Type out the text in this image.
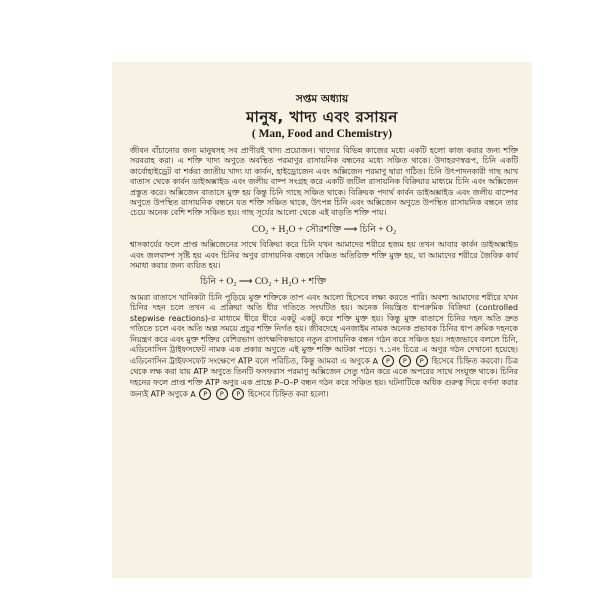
সপ্তম অধ্যায়
মানুষ, খাদ্য এবং রসায়ন
( Man, Food and Chemistry)

জীবন বাঁচানোর জন্য মানুষসহ সব প্রাণীরই খাদ্য প্রয়োজন। খাদ্যের বিভিন্ন কাজের মধ্যে একটি হলো কাজ করার জন্য শক্তি সরবরাহ করা। এ শক্তি খাদ্য অণুতে অবস্থিত পরমাণুর রাসায়নিক বন্ধনের মধ্যে সঞ্চিত থাকে। উদাহরণস্বরূপ, চিনি একটি কার্বোহাইড্রেট বা শর্করা জাতীয় খাদ্য যা কার্বন, হাইড্রোজেন এবং অক্সিজেন পরমাণু দ্বারা গঠিত। চিনি উৎপাদনকারী গাছ আখ বাতাস থেকে কার্বন ডাইঅক্সাইড এবং জলীয় বাষ্প সংগ্রহ করে একটি জটিল রাসায়নিক বিক্রিয়ার মাধ্যমে চিনি এবং অক্সিজেন প্রস্তুত করে। অক্সিজেন বাতাসে মুক্ত হয় কিন্তু চিনি গাছে সঞ্চিত থাকে। বিক্রিয়ক পদার্থ কার্বন ডাইঅক্সাইড এবং জলীয় বাষ্পের অণুতে উপস্থিত রাসায়নিক বন্ধনে যত শক্তি সঞ্চিত থাকে, উৎপন্ন চিনি এবং অক্সিজেন অণুতে উপস্থিত রাসায়নিক বন্ধনে তার চেয়ে অনেক বেশি শক্তি সঞ্চিত হয়। গাছ সূর্যের আলো থেকে এই বাড়তি শক্তি পায়।

CO₂ + H₂O + সৌরশক্তি ⟶ চিনি + O₂

শ্বাসকার্যের ফলে প্রাপ্ত অক্সিজেনের সাথে বিক্রিয়া করে চিনি যখন আমাদের শরীরে হজম হয় তখন আবার কার্বন ডাইঅক্সাইড এবং জলবাষ্প সৃষ্টি হয় এবং চিনির অণুর রাসায়নিক বন্ধনে সঞ্চিত অতিরিক্ত শক্তি মুক্ত হয়, যা আমাদের শরীরে জৈবিক কার্য সমাধা করার জন্য ব্যয়িত হয়।

চিনি + O₂ ⟶ CO₂ + H₂O + শক্তি

আমরা বাতাসে খানিকটা চিনি পুড়িয়ে মুক্ত শক্তিকে তাপ এবং আলো হিসেবে লক্ষ্য করতে পারি। অবশ্য আমাদের শরীরে যখন চিনির দহন চলে তখন এ প্রক্রিয়া অতি ধীর গতিতে সংঘটিত হয়। অনেক নিয়ন্ত্রিত ধাপক্রমিক বিক্রিয়া (controlled stepwise reactions)-র মাধ্যমে ধীরে ধীরে একটু একটু করে শক্তি মুক্ত হয়। কিন্তু মুক্ত বাতাসে চিনির দহন অতি দ্রুত গতিতে চলে এবং অতি অল্প সময়ে প্রচুর শক্তি নির্গত হয়। জীবদেহে এনজাইম নামক অনেক প্রভাবক চিনির ধাপ ক্রমিক দহনকে নিয়ন্ত্রণ করে এবং মুক্ত শক্তির বেশিরভাগ তাৎক্ষণিকভাবে নতুন রাসায়নিক বন্ধন গঠন করে সঞ্চিত হয়। সহজভাবে বললে চিনি, এডিনোসিন ট্রাইফসফেট নামক এক প্রকার অণুতে এই মুক্ত শক্তি আটকা পড়ে। ৭.১নং চিত্রে এ অণুর গঠন দেখানো হয়েছে। এডিনোসিন ট্রাইফসফেট সংক্ষেপে ATP বলে পরিচিত, কিন্তু আমরা এ অণুকে A P P P হিসেবে চিহ্নিত করবো। চিত্র থেকে লক্ষ করা যায় ATP অণুতে তিনটি ফসফরাস পরমাণু অক্সিজেন সেতু গঠন করে একে অপরের সাথে সংযুক্ত থাকে। চিনির দহনের ফলে প্রাপ্ত শক্তি ATP অণুর এক প্রান্তে P–O–P বন্ধন গঠন করে সঞ্চিত হয়। ঘটনাটিকে অধিক গুরুত্ব দিয়ে বর্ণনা করার জন্যই ATP অণুকে A P P P হিসেবে চিহ্নিত করা হলো।
